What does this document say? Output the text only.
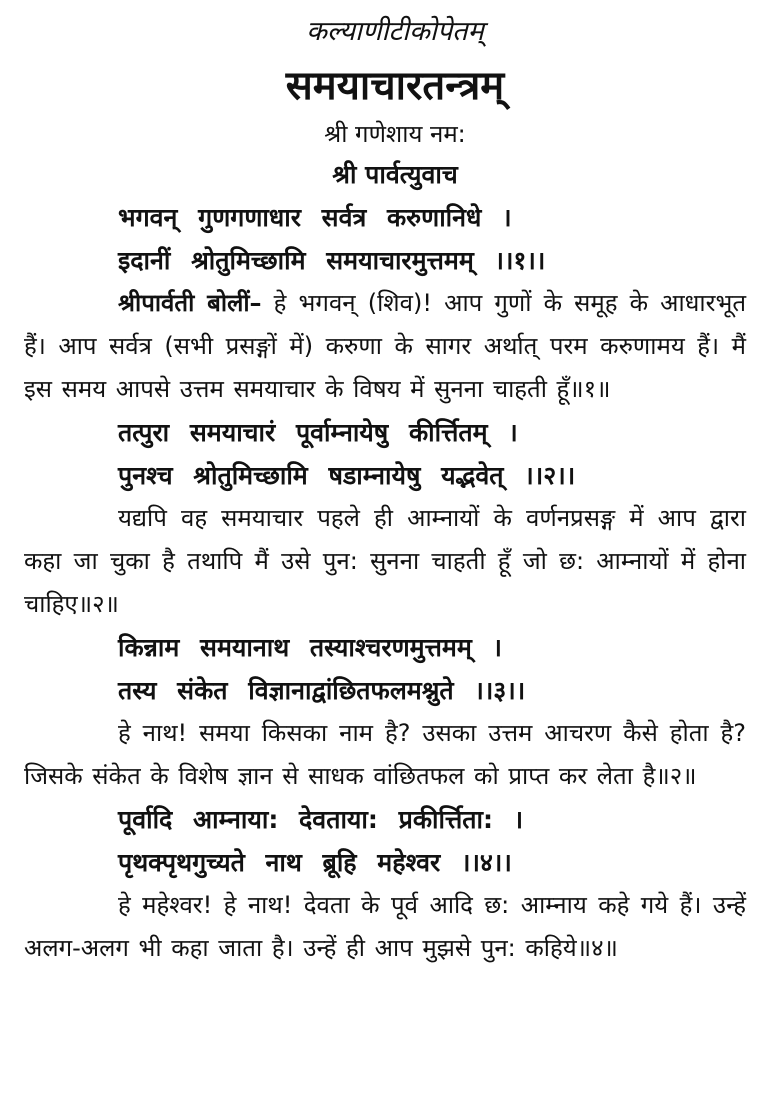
कल्याणीटीकोपेतम्
समयाचारतन्त्रम्
श्री गणेशाय नम:
श्री पार्वत्युवाच
भगवन् गुणगणाधार सर्वत्र करुणानिधे ।
इदानीं श्रोतुमिच्छामि समयाचारमुत्तमम् ।।१।।

श्रीपार्वती बोलीं– हे भगवन् (शिव)! आप गुणों के समूह के आधारभूत हैं। आप सर्वत्र (सभी प्रसङ्गों में) करुणा के सागर अर्थात् परम करुणामय हैं। मैं इस समय आपसे उत्तम समयाचार के विषय में सुनना चाहती हूँ॥१॥

तत्पुरा समयाचारं पूर्वाम्नायेषु कीर्त्तितम् ।
पुनश्च श्रोतुमिच्छामि षडाम्नायेषु यद्भवेत् ।।२।।

यद्यपि वह समयाचार पहले ही आम्नायों के वर्णनप्रसङ्ग में आप द्वारा कहा जा चुका है तथापि मैं उसे पुन: सुनना चाहती हूँ जो छ: आम्नायों में होना चाहिए॥२॥

किन्नाम समयानाथ तस्याश्चरणमुत्तमम् ।
तस्य संकेत विज्ञानाद्वांछितफलमश्नुते ।।३।।

हे नाथ! समया किसका नाम है? उसका उत्तम आचरण कैसे होता है? जिसके संकेत के विशेष ज्ञान से साधक वांछितफल को प्राप्त कर लेता है॥२॥

पूर्वादि आम्नाया: देवताया: प्रकीर्त्तिता: ।
पृथक्पृथगुच्यते नाथ ब्रूहि महेश्वर ।।४।।

हे महेश्वर! हे नाथ! देवता के पूर्व आदि छ: आम्नाय कहे गये हैं। उन्हें अलग-अलग भी कहा जाता है। उन्हें ही आप मुझसे पुन: कहिये॥४॥
